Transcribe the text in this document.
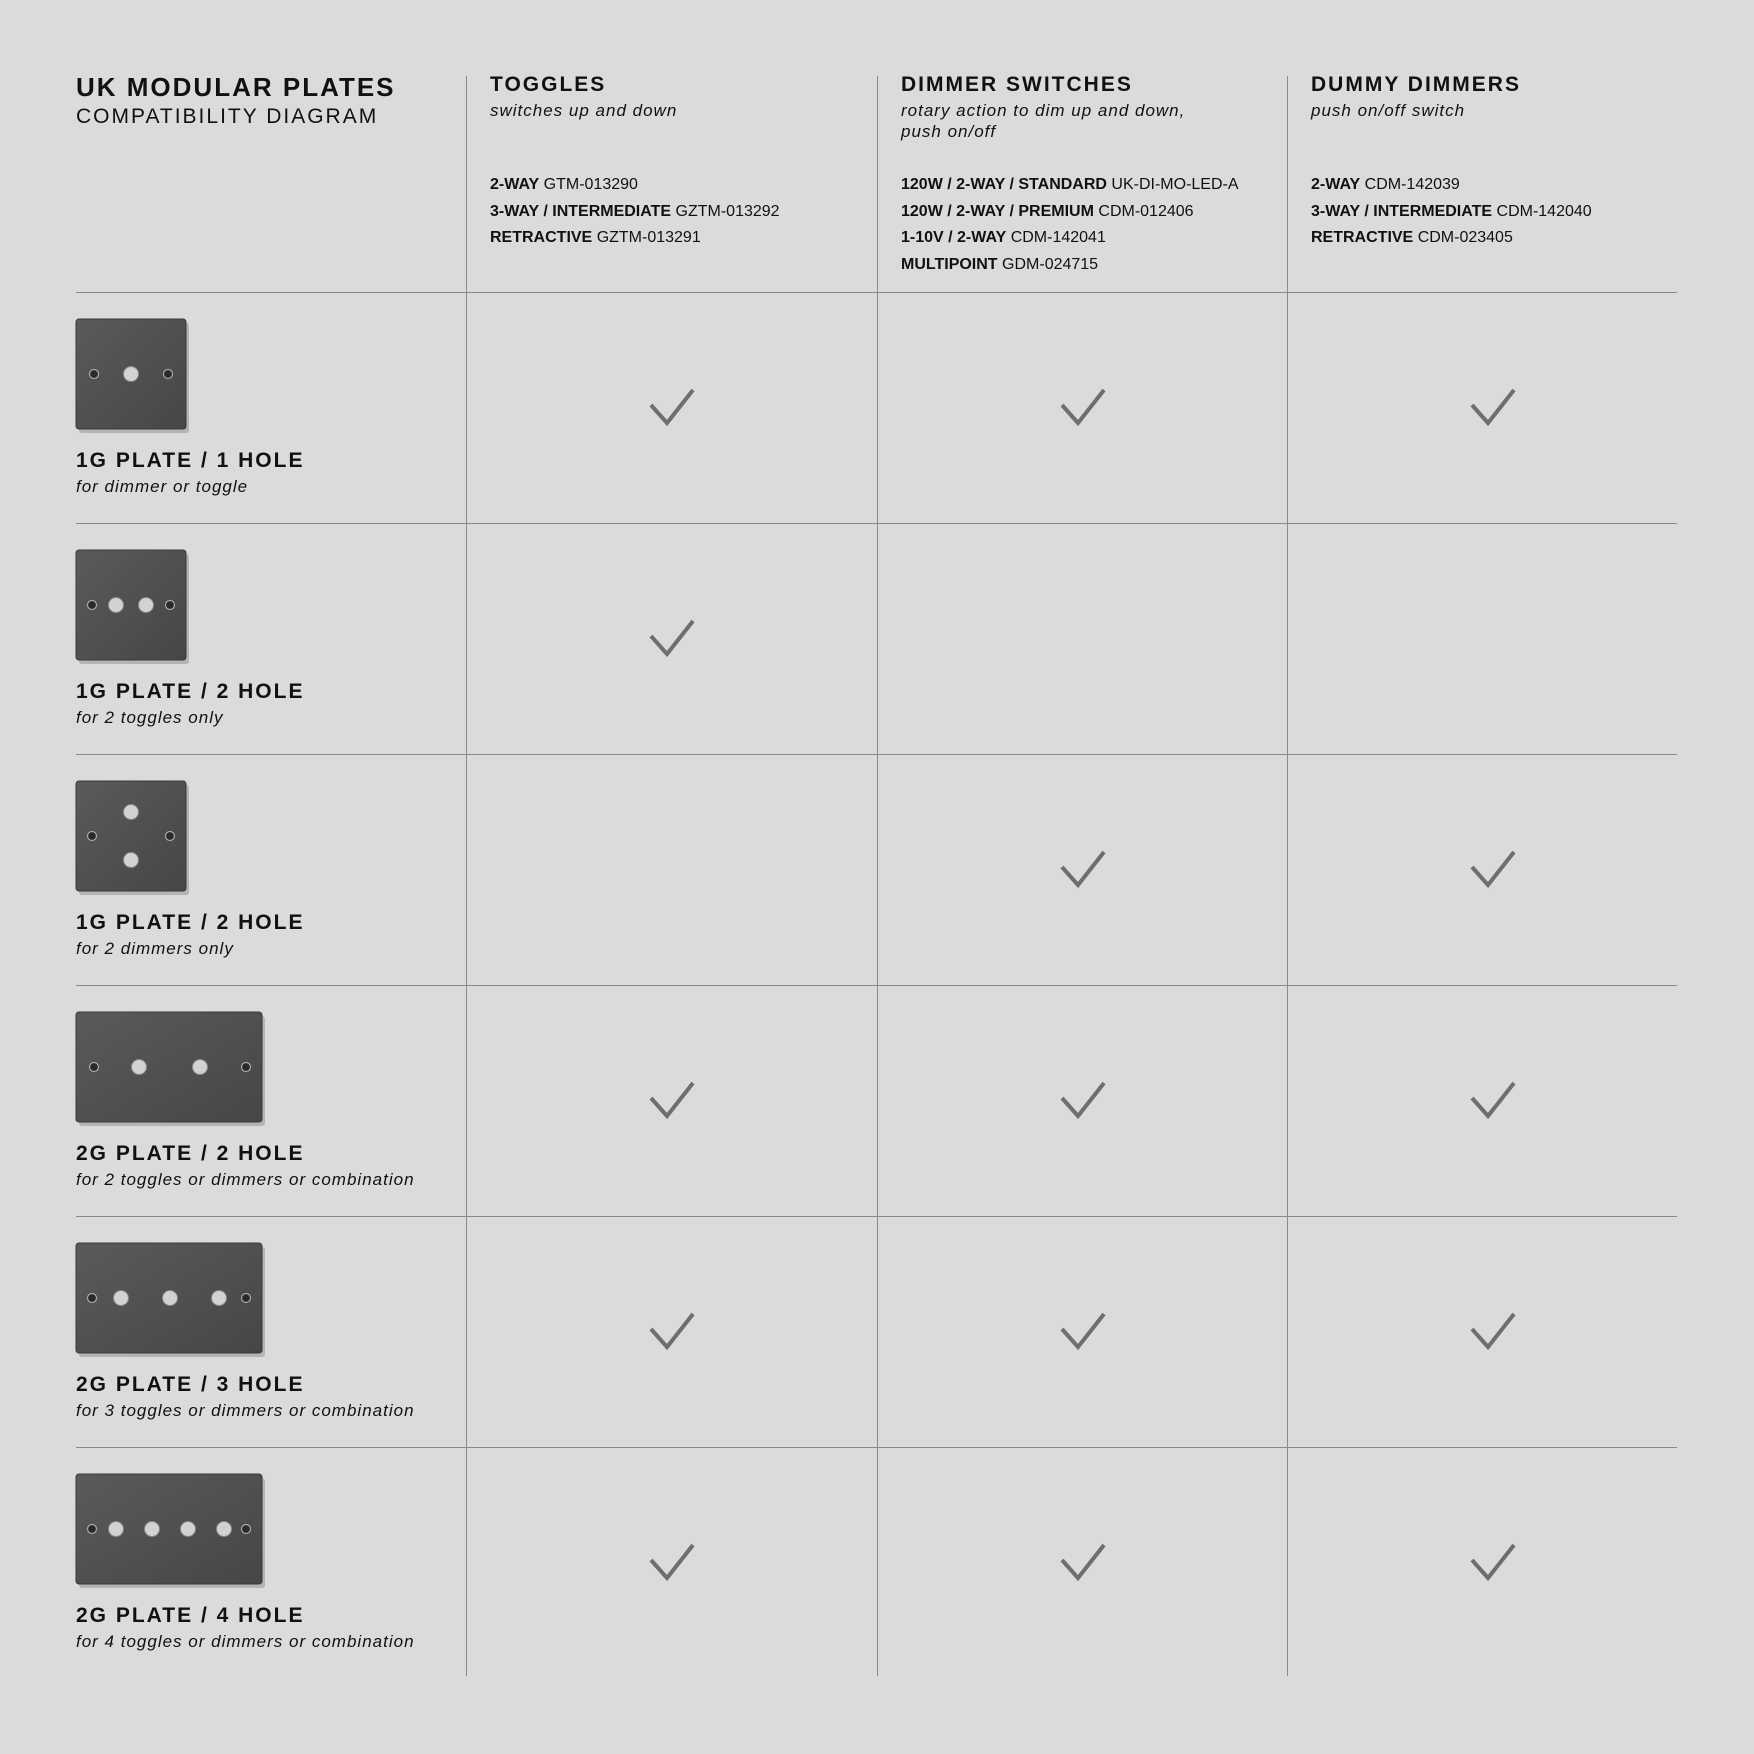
UK MODULAR PLATES
COMPATIBILITY DIAGRAM
TOGGLES
switches up and down
2-WAY GTM-013290
3-WAY / INTERMEDIATE GZTM-013292
RETRACTIVE GZTM-013291
DIMMER SWITCHES
rotary action to dim up and down,
push on/off
120W / 2-WAY / STANDARD UK-DI-MO-LED-A
120W / 2-WAY / PREMIUM CDM-012406
1-10V / 2-WAY CDM-142041
MULTIPOINT GDM-024715
DUMMY DIMMERS
push on/off switch
2-WAY CDM-142039
3-WAY / INTERMEDIATE CDM-142040
RETRACTIVE CDM-023405
1G PLATE / 1 HOLE
for dimmer or toggle
1G PLATE / 2 HOLE
for 2 toggles only
1G PLATE / 2 HOLE
for 2 dimmers only
2G PLATE / 2 HOLE
for 2 toggles or dimmers or combination
2G PLATE / 3 HOLE
for 3 toggles or dimmers or combination
2G PLATE / 4 HOLE
for 4 toggles or dimmers or combination
